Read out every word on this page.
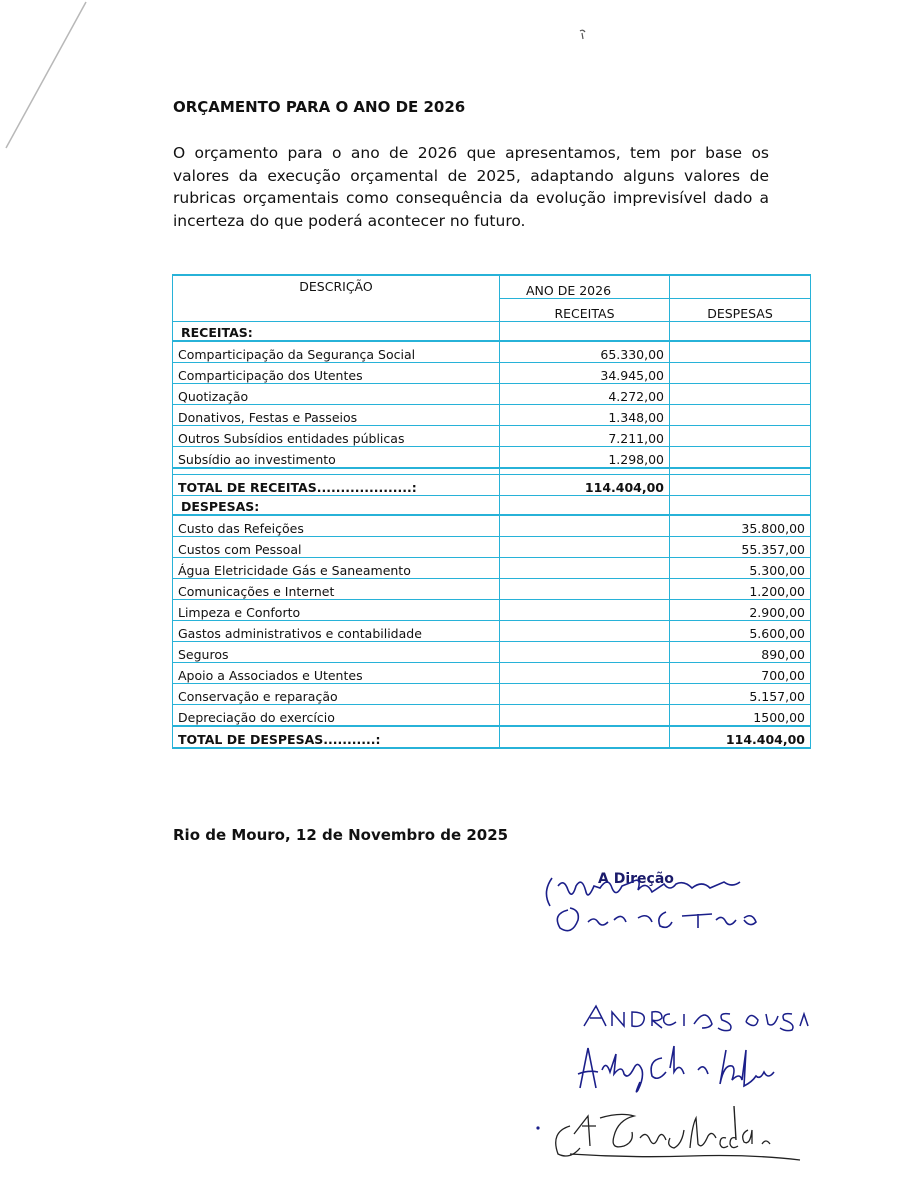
ORÇAMENTO PARA O ANO DE 2026
O orçamento para o ano de 2026 que apresentamos, tem por base os valores da execução orçamental de 2025, adaptando alguns valores de rubricas orçamentais como consequência da evolução imprevisível dado a incerteza do que poderá acontecer no futuro.
DESCRIÇÃO	ANO DE 2026	
	RECEITAS	DESPESAS
RECEITAS:		
Comparticipação da Segurança Social	65.330,00	
Comparticipação dos Utentes	34.945,00	
Quotização	4.272,00	
Donativos, Festas e Passeios	1.348,00	
Outros Subsídios entidades públicas	7.211,00	
Subsídio ao investimento	1.298,00	

TOTAL DE RECEITAS....................:	114.404,00	
DESPESAS:		
Custo das Refeições		35.800,00
Custos com Pessoal		55.357,00
Água Eletricidade Gás e Saneamento		5.300,00
Comunicações e Internet		1.200,00
Limpeza e Conforto		2.900,00
Gastos administrativos e contabilidade		5.600,00
Seguros		890,00
Apoio a Associados e Utentes		700,00
Conservação e reparação		5.157,00
Depreciação do exercício		1500,00
TOTAL DE DESPESAS...........:		114.404,00
Rio de Mouro, 12 de Novembro de 2025
A Direção
